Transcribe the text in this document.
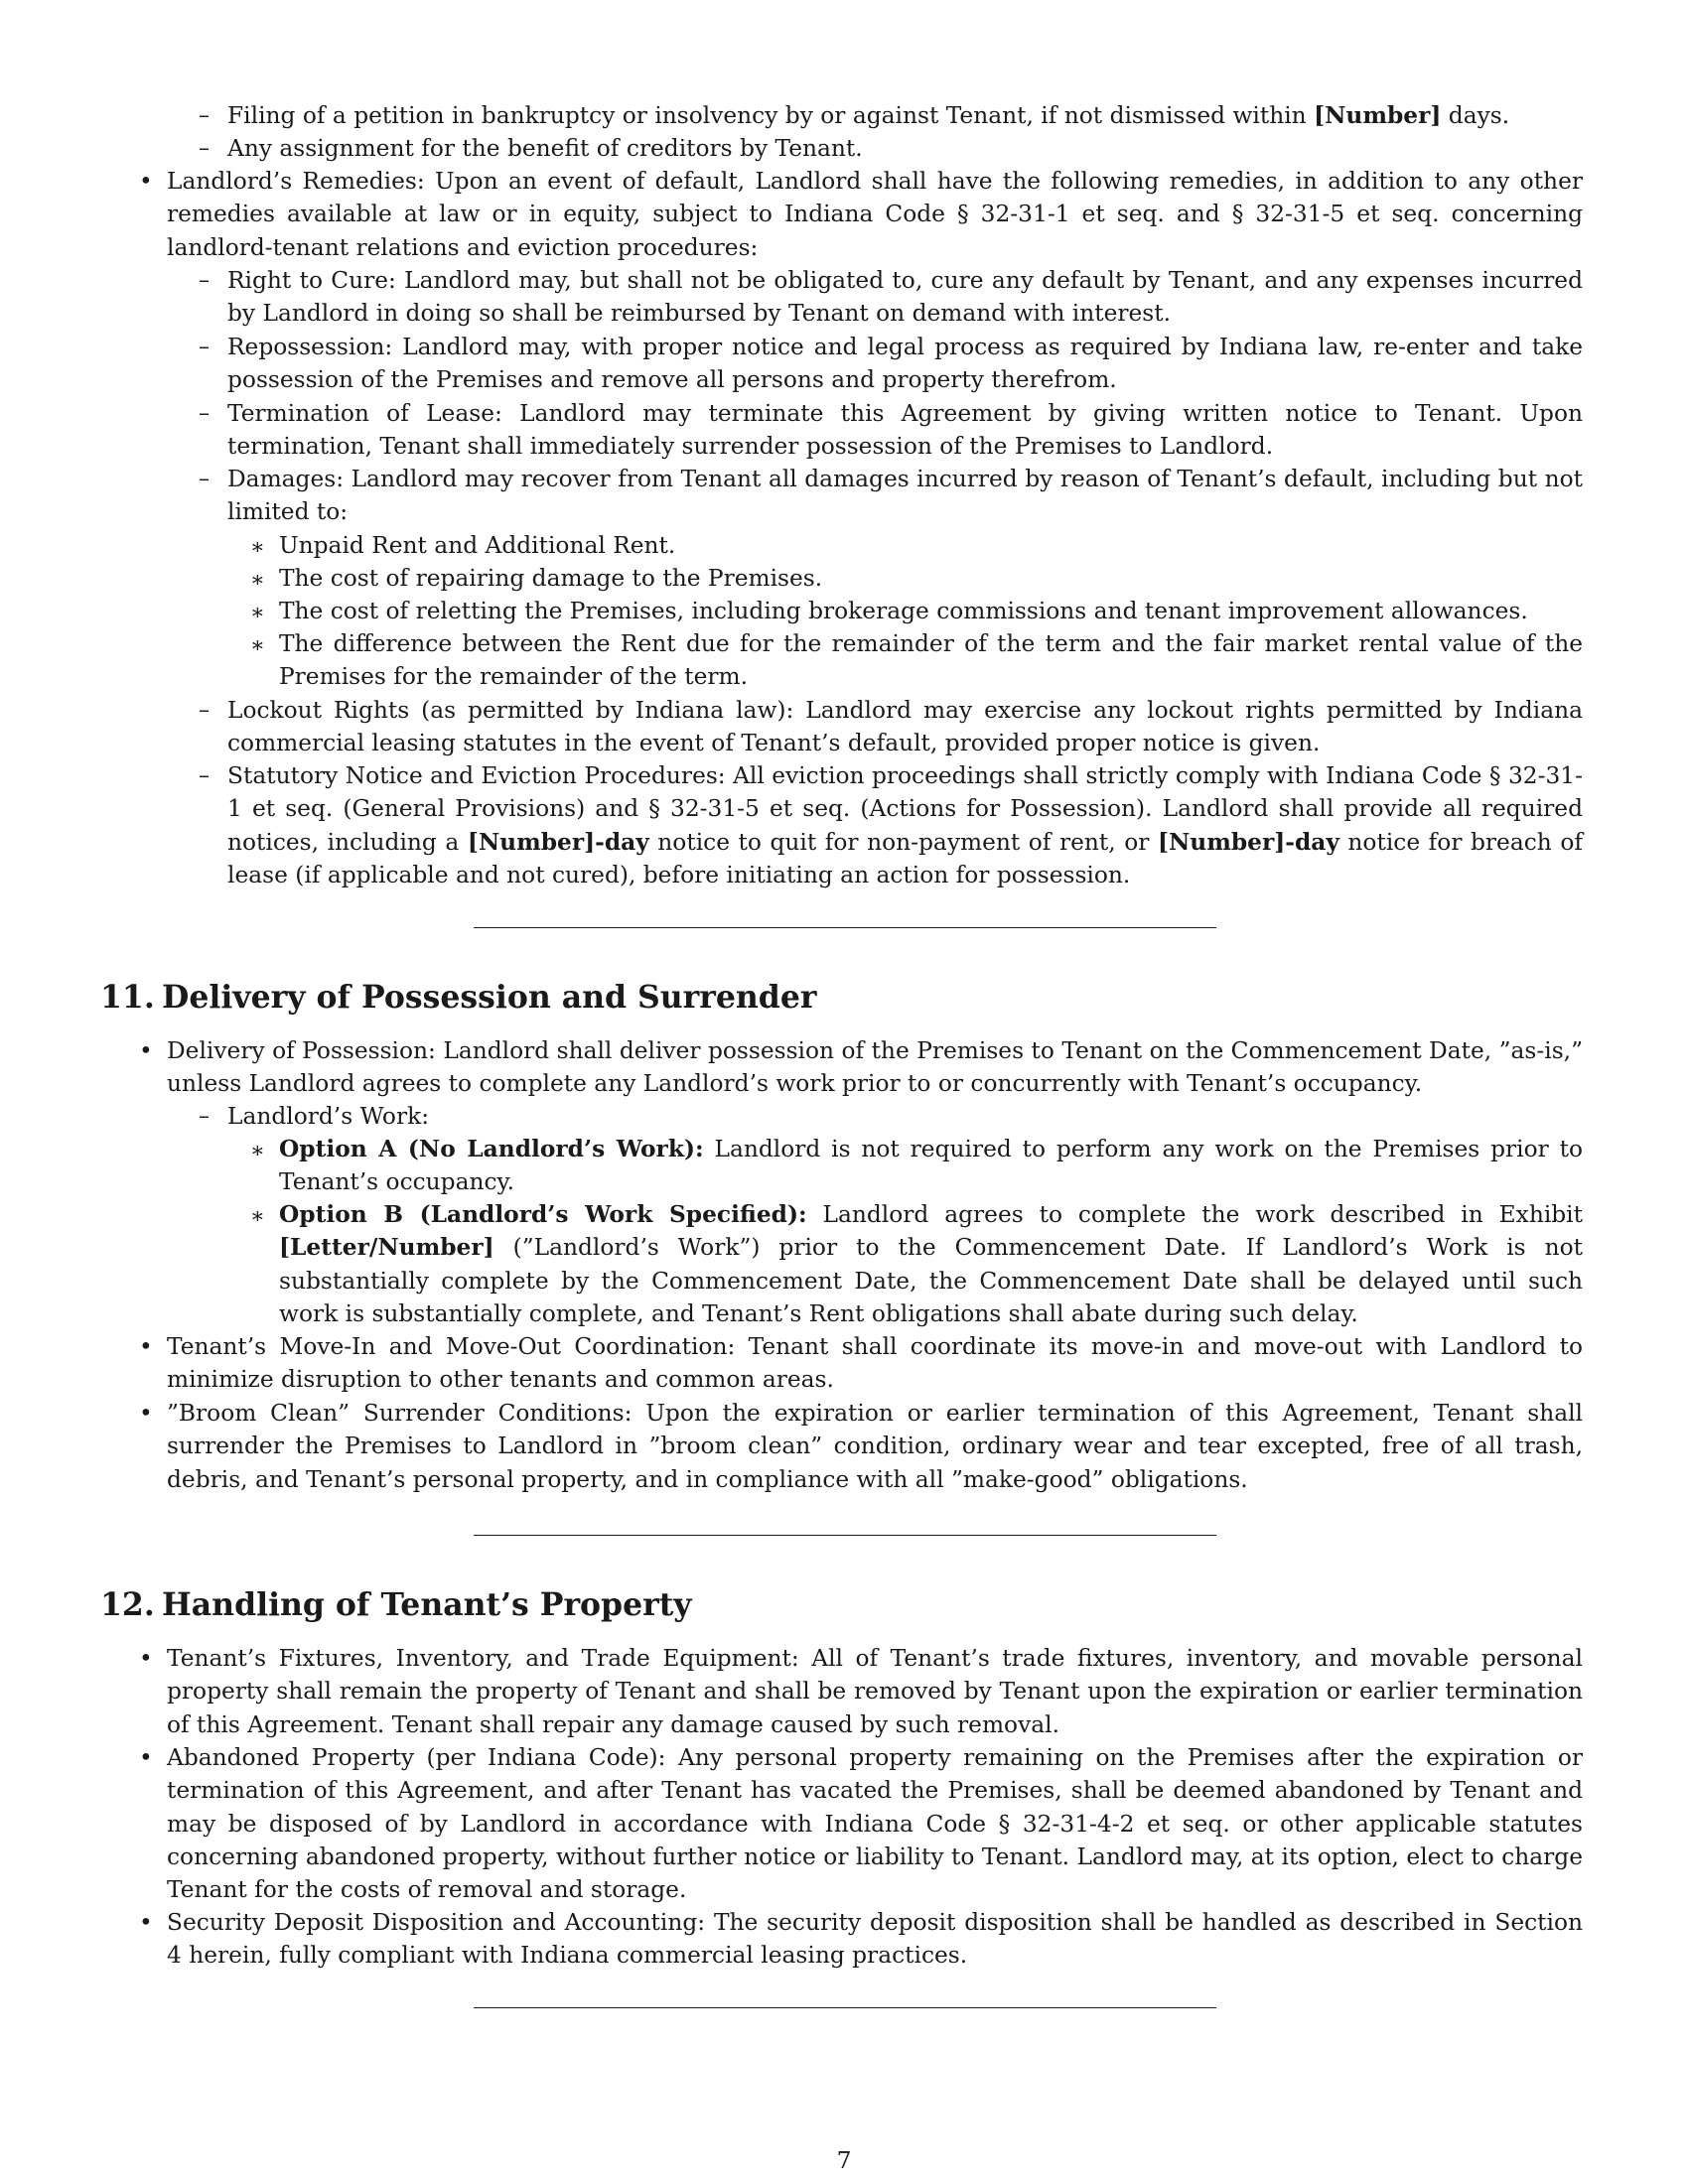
– Filing of a petition in bankruptcy or insolvency by or against Tenant, if not dismissed within [Number] days.
– Any assignment for the benefit of creditors by Tenant.
• Landlord’s Remedies: Upon an event of default, Landlord shall have the following remedies, in addition to any other remedies available at law or in equity, subject to Indiana Code § 32-31-1 et seq. and § 32-31-5 et seq. concerning landlord-tenant relations and eviction procedures:
– Right to Cure: Landlord may, but shall not be obligated to, cure any default by Tenant, and any expenses incurred by Landlord in doing so shall be reimbursed by Tenant on demand with interest.
– Repossession: Landlord may, with proper notice and legal process as required by Indiana law, re-enter and take possession of the Premises and remove all persons and property therefrom.
– Termination of Lease: Landlord may terminate this Agreement by giving written notice to Tenant. Upon termination, Tenant shall immediately surrender possession of the Premises to Landlord.
– Damages: Landlord may recover from Tenant all damages incurred by reason of Tenant’s default, including but not limited to:
∗ Unpaid Rent and Additional Rent.
∗ The cost of repairing damage to the Premises.
∗ The cost of reletting the Premises, including brokerage commissions and tenant improvement allowances.
∗ The difference between the Rent due for the remainder of the term and the fair market rental value of the Premises for the remainder of the term.
– Lockout Rights (as permitted by Indiana law): Landlord may exercise any lockout rights permitted by Indiana commercial leasing statutes in the event of Tenant’s default, provided proper notice is given.
– Statutory Notice and Eviction Procedures: All eviction proceedings shall strictly comply with Indiana Code § 32-31-1 et seq. (General Provisions) and § 32-31-5 et seq. (Actions for Possession). Landlord shall provide all required notices, including a [Number]-day notice to quit for non-payment of rent, or [Number]-day notice for breach of lease (if applicable and not cured), before initiating an action for possession.
11. Delivery of Possession and Surrender
• Delivery of Possession: Landlord shall deliver possession of the Premises to Tenant on the Commencement Date, ”as-is,” unless Landlord agrees to complete any Landlord’s work prior to or concurrently with Tenant’s occupancy.
– Landlord’s Work:
∗ Option A (No Landlord’s Work): Landlord is not required to perform any work on the Premises prior to Tenant’s occupancy.
∗ Option B (Landlord’s Work Specified): Landlord agrees to complete the work described in Exhibit [Letter/Number] (”Landlord’s Work”) prior to the Commencement Date. If Landlord’s Work is not substantially complete by the Commencement Date, the Commencement Date shall be delayed until such work is substantially complete, and Tenant’s Rent obligations shall abate during such delay.
• Tenant’s Move-In and Move-Out Coordination: Tenant shall coordinate its move-in and move-out with Landlord to minimize disruption to other tenants and common areas.
• ”Broom Clean” Surrender Conditions: Upon the expiration or earlier termination of this Agreement, Tenant shall surrender the Premises to Landlord in ”broom clean” condition, ordinary wear and tear excepted, free of all trash, debris, and Tenant’s personal property, and in compliance with all ”make-good” obligations.
12. Handling of Tenant’s Property
• Tenant’s Fixtures, Inventory, and Trade Equipment: All of Tenant’s trade fixtures, inventory, and movable personal property shall remain the property of Tenant and shall be removed by Tenant upon the expiration or earlier termination of this Agreement. Tenant shall repair any damage caused by such removal.
• Abandoned Property (per Indiana Code): Any personal property remaining on the Premises after the expiration or termination of this Agreement, and after Tenant has vacated the Premises, shall be deemed abandoned by Tenant and may be disposed of by Landlord in accordance with Indiana Code § 32-31-4-2 et seq. or other applicable statutes concerning abandoned property, without further notice or liability to Tenant. Landlord may, at its option, elect to charge Tenant for the costs of removal and storage.
• Security Deposit Disposition and Accounting: The security deposit disposition shall be handled as described in Section 4 herein, fully compliant with Indiana commercial leasing practices.
7
